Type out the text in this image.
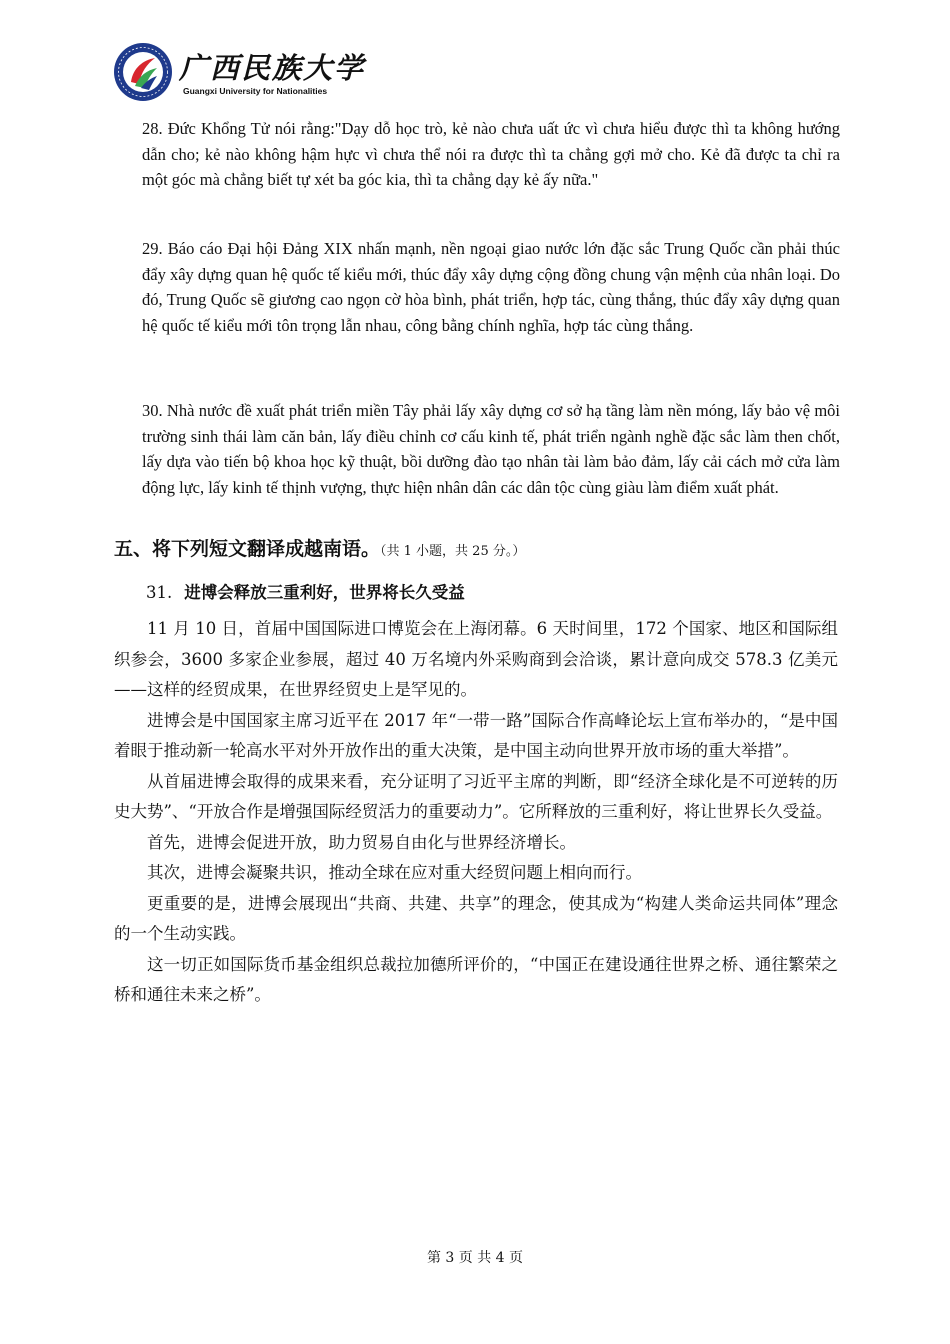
广西民族大学
Guangxi University for Nationalities

28. Đức Khổng Tử nói rằng:"Dạy dỗ học trò, kẻ nào chưa uất ức vì chưa hiểu được thì ta không hướng dẫn cho; kẻ nào không hậm hực vì chưa thể nói ra được thì ta chẳng gợi mở cho. Kẻ đã được ta chỉ ra một góc mà chẳng biết tự xét ba góc kia, thì ta chẳng dạy kẻ ấy nữa."

29. Báo cáo Đại hội Đảng XIX nhấn mạnh, nền ngoại giao nước lớn đặc sắc Trung Quốc cần phải thúc đẩy xây dựng quan hệ quốc tế kiểu mới, thúc đẩy xây dựng cộng đồng chung vận mệnh của nhân loại. Do đó, Trung Quốc sẽ giương cao ngọn cờ hòa bình, phát triển, hợp tác, cùng thắng, thúc đẩy xây dựng quan hệ quốc tế kiểu mới tôn trọng lẫn nhau, công bằng chính nghĩa, hợp tác cùng thắng.

30. Nhà nước đề xuất phát triển miền Tây phải lấy xây dựng cơ sở hạ tầng làm nền móng, lấy bảo vệ môi trường sinh thái làm căn bản, lấy điều chỉnh cơ cấu kinh tế, phát triển ngành nghề đặc sắc làm then chốt, lấy dựa vào tiến bộ khoa học kỹ thuật, bồi dưỡng đào tạo nhân tài làm bảo đảm, lấy cải cách mở cửa làm động lực, lấy kinh tế thịnh vượng, thực hiện nhân dân các dân tộc cùng giàu làm điểm xuất phát.

五、将下列短文翻译成越南语。（共 1 小题，共 25 分。）

31. 进博会释放三重利好，世界将长久受益

11 月 10 日，首届中国国际进口博览会在上海闭幕。6 天时间里，172 个国家、地区和国际组织参会，3600 多家企业参展，超过 40 万名境内外采购商到会洽谈，累计意向成交 578.3 亿美元——这样的经贸成果，在世界经贸史上是罕见的。

进博会是中国国家主席习近平在 2017 年“一带一路”国际合作高峰论坛上宣布举办的，“是中国着眼于推动新一轮高水平对外开放作出的重大决策，是中国主动向世界开放市场的重大举措”。

从首届进博会取得的成果来看，充分证明了习近平主席的判断，即“经济全球化是不可逆转的历史大势”、“开放合作是增强国际经贸活力的重要动力”。它所释放的三重利好，将让世界长久受益。

首先，进博会促进开放，助力贸易自由化与世界经济增长。

其次，进博会凝聚共识，推动全球在应对重大经贸问题上相向而行。

更重要的是，进博会展现出“共商、共建、共享”的理念，使其成为“构建人类命运共同体”理念的一个生动实践。

这一切正如国际货币基金组织总裁拉加德所评价的，“中国正在建设通往世界之桥、通往繁荣之桥和通往未来之桥”。

第 3 页 共 4 页
